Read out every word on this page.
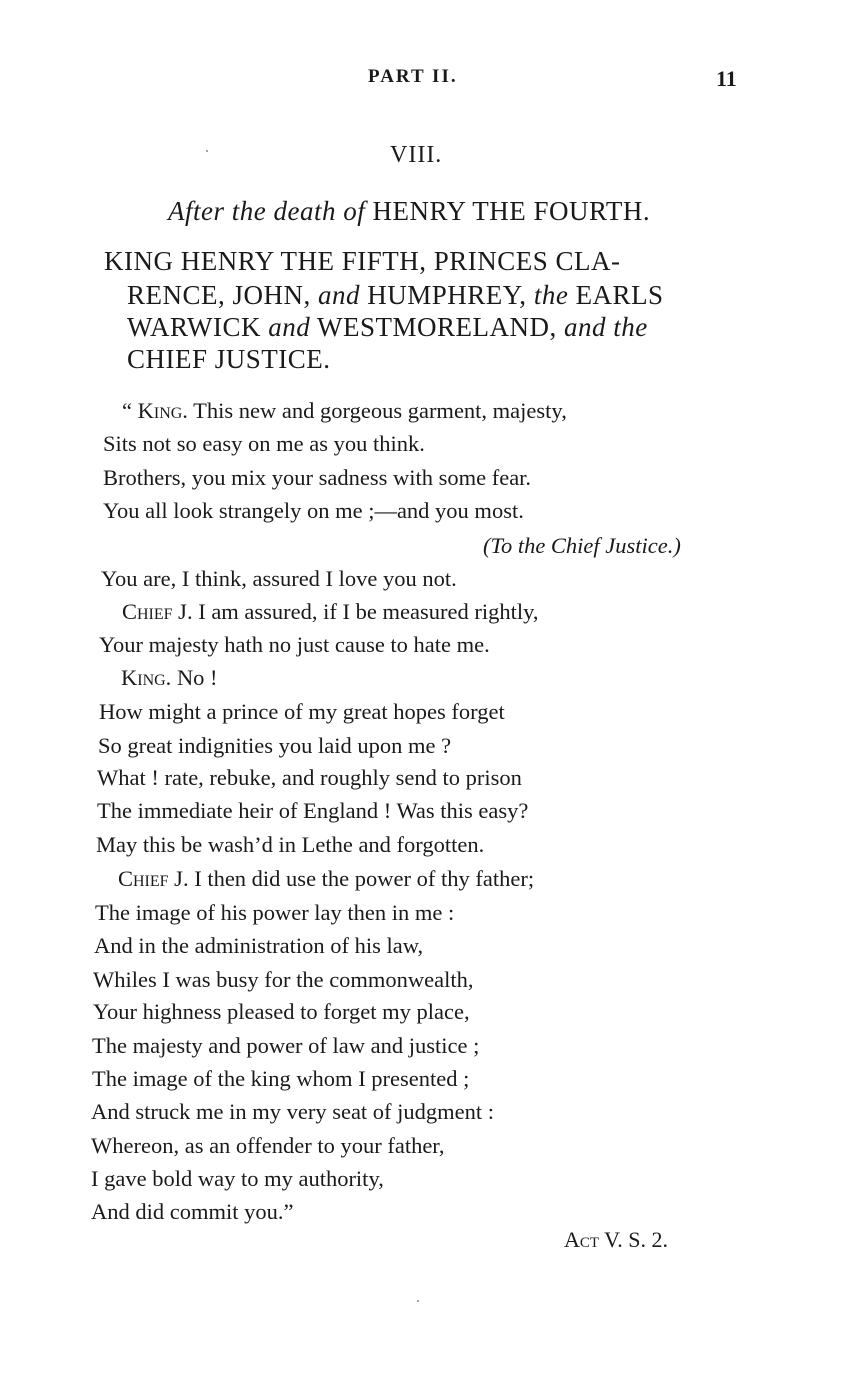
PART II.	11
VIII.
After the death of HENRY THE FOURTH.
KING HENRY THE FIFTH, PRINCES CLA-
RENCE, JOHN, and HUMPHREY, the EARLS
WARWICK and WESTMORELAND, and the
CHIEF JUSTICE.
“ King. This new and gorgeous garment, majesty,
Sits not so easy on me as you think.
Brothers, you mix your sadness with some fear.
You all look strangely on me ;—and you most.
(To the Chief Justice.)
You are, I think, assured I love you not.
Chief J. I am assured, if I be measured rightly,
Your majesty hath no just cause to hate me.
King. No !
How might a prince of my great hopes forget
So great indignities you laid upon me ?
What ! rate, rebuke, and roughly send to prison
The immediate heir of England ! Was this easy?
May this be wash’d in Lethe and forgotten.
Chief J. I then did use the power of thy father;
The image of his power lay then in me :
And in the administration of his law,
Whiles I was busy for the commonwealth,
Your highness pleased to forget my place,
The majesty and power of law and justice ;
The image of the king whom I presented ;
And struck me in my very seat of judgment :
Whereon, as an offender to your father,
I gave bold way to my authority,
And did commit you.”
Act V. S. 2.
